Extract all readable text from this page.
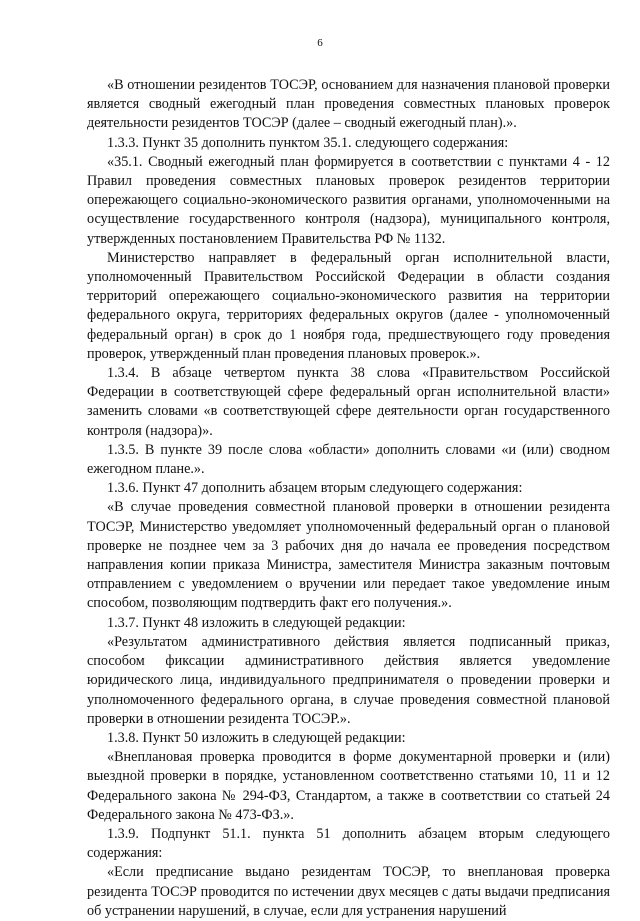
6

«В отношении резидентов ТОСЭР, основанием для назначения плановой проверки является сводный ежегодный план проведения совместных плановых проверок деятельности резидентов ТОСЭР (далее – сводный ежегодный план).».

1.3.3. Пункт 35 дополнить пунктом 35.1. следующего содержания:

«35.1. Сводный ежегодный план формируется в соответствии с пунктами 4 - 12 Правил проведения совместных плановых проверок резидентов территории опережающего социально-экономического развития органами, уполномоченными на осуществление государственного контроля (надзора), муниципального контроля, утвержденных постановлением Правительства РФ № 1132.

Министерство направляет в федеральный орган исполнительной власти, уполномоченный Правительством Российской Федерации в области создания территорий опережающего социально-экономического развития на территории федерального округа, территориях федеральных округов (далее - уполномоченный федеральный орган) в срок до 1 ноября года, предшествующего году проведения проверок, утвержденный план проведения плановых проверок.».

1.3.4. В абзаце четвертом пункта 38 слова «Правительством Российской Федерации в соответствующей сфере федеральный орган исполнительной власти» заменить словами «в соответствующей сфере деятельности орган государственного контроля (надзора)».

1.3.5. В пункте 39 после слова «области» дополнить словами «и (или) сводном ежегодном плане.».

1.3.6. Пункт 47 дополнить абзацем вторым следующего содержания:

«В случае проведения совместной плановой проверки в отношении резидента ТОСЭР, Министерство уведомляет уполномоченный федеральный орган о плановой проверке не позднее чем за 3 рабочих дня до начала ее проведения посредством направления копии приказа Министра, заместителя Министра заказным почтовым отправлением с уведомлением о вручении или передает такое уведомление иным способом, позволяющим подтвердить факт его получения.».

1.3.7. Пункт 48 изложить в следующей редакции:

«Результатом административного действия является подписанный приказ, способом фиксации административного действия является уведомление юридического лица, индивидуального предпринимателя о проведении проверки и уполномоченного федерального органа, в случае проведения совместной плановой проверки в отношении резидента ТОСЭР.».

1.3.8. Пункт 50 изложить в следующей редакции:

«Внеплановая проверка проводится в форме документарной проверки и (или) выездной проверки в порядке, установленном соответственно статьями 10, 11 и 12 Федерального закона № 294-ФЗ, Стандартом, а также в соответствии со статьей 24 Федерального закона № 473-ФЗ.».

1.3.9. Подпункт 51.1. пункта 51 дополнить абзацем вторым следующего содержания:

«Если предписание выдано резидентам ТОСЭР, то внеплановая проверка резидента ТОСЭР проводится по истечении двух месяцев с даты выдачи предписания об устранении нарушений, в случае, если для устранения нарушений
